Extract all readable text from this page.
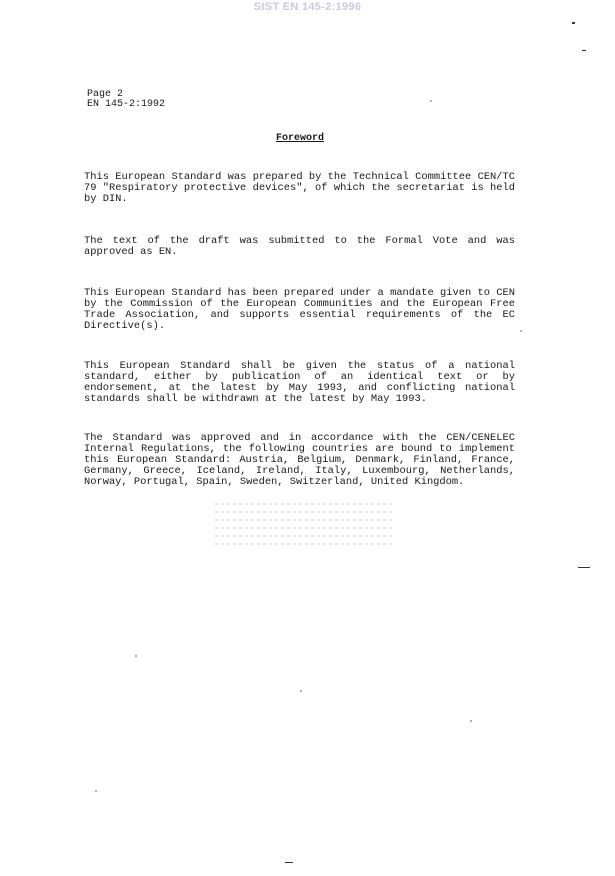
SIST EN 145-2:1996
Page 2
EN 145-2:1992
Foreword
This European Standard was prepared by the Technical Committee CEN/TC
79 "Respiratory protective devices", of which the secretariat is held
by DIN.
The text of the draft was submitted to the Formal Vote and was
approved as EN.
This European Standard has been prepared under a mandate given to CEN
by the Commission of the European Communities and the European Free
Trade Association, and supports essential requirements of the EC
Directive(s).
This European Standard shall be given the status of a national
standard, either by publication of an identical text or by
endorsement, at the latest by May 1993, and conflicting national
standards shall be withdrawn at the latest by May 1993.
The Standard was approved and in accordance with the CEN/CENELEC
Internal Regulations, the following countries are bound to implement
this European Standard: Austria, Belgium, Denmark, Finland, France,
Germany, Greece, Iceland, Ireland, Italy, Luxembourg, Netherlands,
Norway, Portugal, Spain, Sweden, Switzerland, United Kingdom.
